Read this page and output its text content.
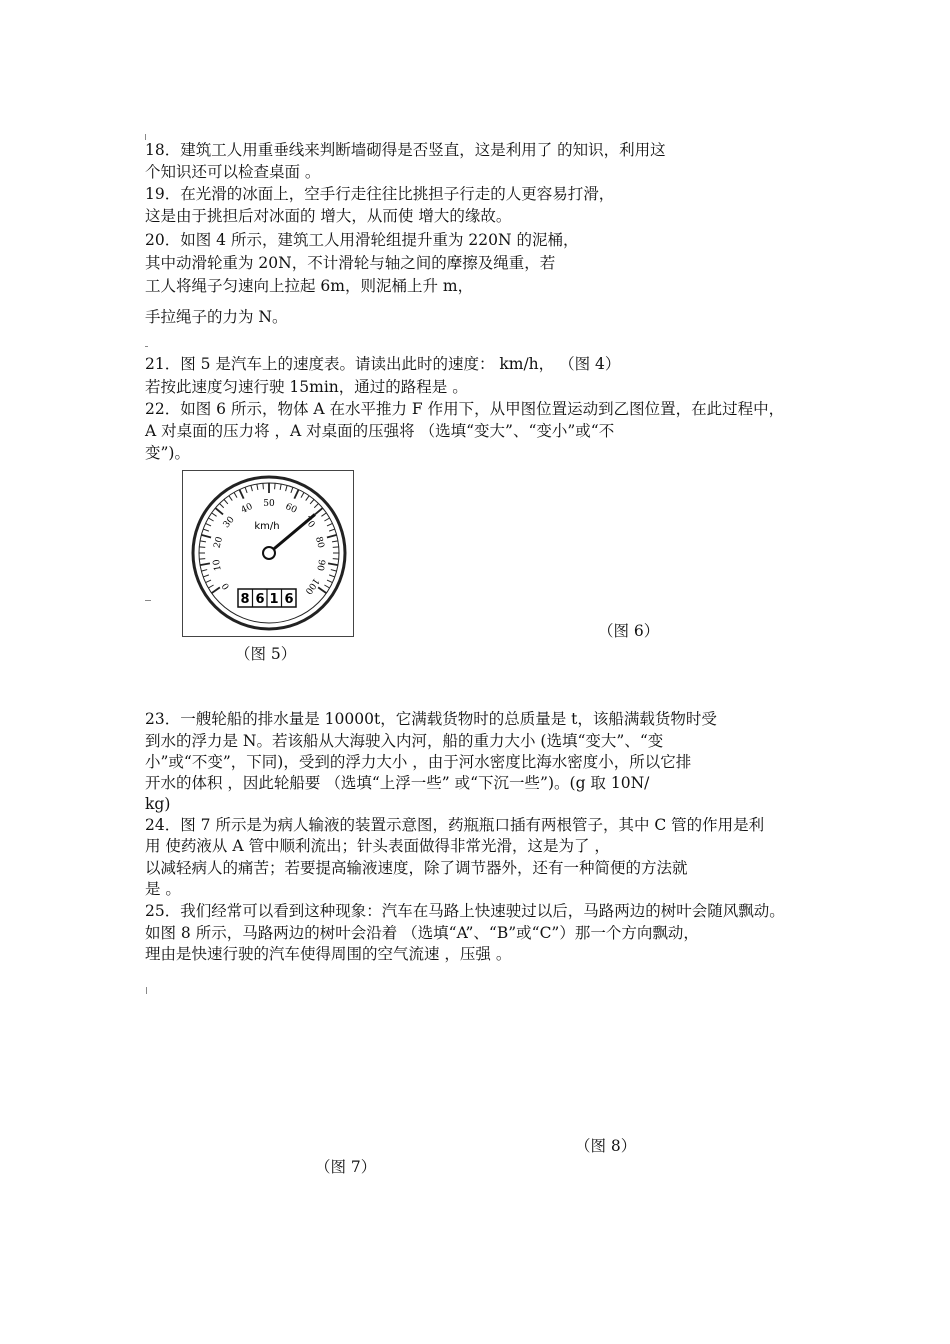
18．建筑工人用重垂线来判断墙砌得是否竖直，这是利用了 的知识，利用这
个知识还可以检查桌面 。
19．在光滑的冰面上，空手行走往往比挑担子行走的人更容易打滑，
这是由于挑担后对冰面的 增大，从而使 增大的缘故。
20．如图 4 所示，建筑工人用滑轮组提升重为 220N 的泥桶，
其中动滑轮重为 20N，不计滑轮与轴之间的摩擦及绳重，若
工人将绳子匀速向上拉起 6m，则泥桶上升 m，
手拉绳子的力为 N。
21．图 5 是汽车上的速度表。请读出此时的速度： km/h， （图 4）
若按此速度匀速行驶 15min，通过的路程是 。
22．如图 6 所示，物体 A 在水平推力 F 作用下，从甲图位置运动到乙图位置，在此过程中，
A 对桌面的压力将 ，A 对桌面的压强将 （选填“变大”、“变小”或“不
变”)。
0
10
20
30
40 50 60
70
80
90
100
km/h
8 6 1 6
（图 6）
（图 5）
23．一艘轮船的排水量是 10000t，它满载货物时的总质量是 t，该船满载货物时受
到水的浮力是 N。若该船从大海驶入内河，船的重力大小 (选填“变大”、“变
小”或“不变”，下同)，受到的浮力大小 ，由于河水密度比海水密度小，所以它排
开水的体积 ，因此轮船要 （选填“上浮一些” 或“下沉一些”)。(g 取 10N/
kg)
24．图 7 所示是为病人输液的装置示意图，药瓶瓶口插有两根管子，其中 C 管的作用是利
用 使药液从 A 管中顺利流出；针头表面做得非常光滑，这是为了 ，
以减轻病人的痛苦；若要提高输液速度，除了调节器外，还有一种简便的方法就
是 。
25．我们经常可以看到这种现象：汽车在马路上快速驶过以后，马路两边的树叶会随风飘动。
如图 8 所示，马路两边的树叶会沿着 （选填“A”、“B”或“C”）那一个方向飘动，
理由是快速行驶的汽车使得周围的空气流速 ，压强 。
（图 8）
（图 7）
